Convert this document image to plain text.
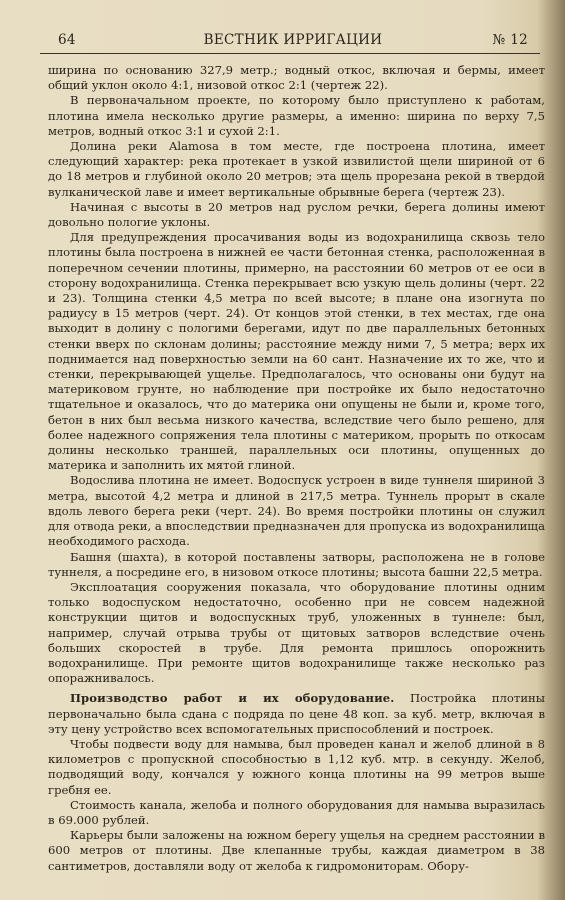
64	ВЕСТНИК ИРРИГАЦИИ	№ 12

ширина по основанию 327,9 метр.; водный откос, включая и бермы, имеет общий уклон около 4:1, низовой откос 2:1 (чертеж 22).

В первоначальном проекте, по которому было приступлено к работам, плотина имела несколько другие размеры, а именно: ширина по верху 7,5 метров, водный откос 3:1 и сухой 2:1.

Долина реки Alamosa в том месте, где построена плотина, имеет следующий характер: река протекает в узкой извилистой щели шириной от 6 до 18 метров и глубиной около 20 метров; эта щель прорезана рекой в твердой вулканической лаве и имеет вертикальные обрывные берега (чертеж 23).

Начиная с высоты в 20 метров над руслом речки, берега долины имеют довольно пологие уклоны.

Для предупреждения просачивания воды из водохранилища сквозь тело плотины была построена в нижней ее части бетонная стенка, расположенная в поперечном сечении плотины, примерно, на расстоянии 60 метров от ее оси в сторону водохранилища. Стенка перекрывает всю узкую щель долины (черт. 22 и 23). Толщина стенки 4,5 метра по всей высоте; в плане она изогнута по радиусу в 15 метров (черт. 24). От концов этой стенки, в тех местах, где она выходит в долину с пологими берегами, идут по две параллельных бетонных стенки вверх по склонам долины; расстояние между ними 7, 5 метра; верх их поднимается над поверхностью земли на 60 сант. Назначение их то же, что и стенки, перекрывающей ущелье. Предполагалось, что основаны они будут на материковом грунте, но наблюдение при постройке их было недостаточно тщательное и оказалось, что до материка они опущены не были и, кроме того, бетон в них был весьма низкого качества, вследствие чего было решено, для более надежного сопряжения тела плотины с материком, прорыть по откосам долины несколько траншей, параллельных оси плотины, опущенных до материка и заполнить их мятой глиной.

Водослива плотина не имеет. Водоспуск устроен в виде туннеля шириной 3 метра, высотой 4,2 метра и длиной в 217,5 метра. Туннель прорыт в скале вдоль левого берега реки (черт. 24). Во время постройки плотины он служил для отвода реки, а впоследствии предназначен для пропуска из водохранилища необходимого расхода.

Башня (шахта), в которой поставлены затворы, расположена не в голове туннеля, а посредине его, в низовом откосе плотины; высота башни 22,5 метра.

Эксплоатация сооружения показала, что оборудование плотины одним только водоспуском недостаточно, особенно при не совсем надежной конструкции щитов и водоспускных труб, уложенных в туннеле: был, например, случай отрыва трубы от щитовых затворов вследствие очень больших скоростей в трубе. Для ремонта пришлось опорожнить водохранилище. При ремонте щитов водохранилище также несколько раз опоражнивалось.

Производство работ и их оборудование. Постройка плотины первоначально была сдана с подряда по цене 48 коп. за куб. метр, включая в эту цену устройство всех вспомогательных приспособлений и построек.

Чтобы подвести воду для намыва, был проведен канал и желоб длиной в 8 километров с пропускной способностью в 1,12 куб. мтр. в секунду. Желоб, подводящий воду, кончался у южного конца плотины на 99 метров выше гребня ее.

Стоимость канала, желоба и полного оборудования для намыва выразилась в 69.000 рублей.

Карьеры были заложены на южном берегу ущелья на среднем расстоянии в 600 метров от плотины. Две клепанные трубы, каждая диаметром в 38 сантиметров, доставляли воду от желоба к гидромониторам. Обору-
